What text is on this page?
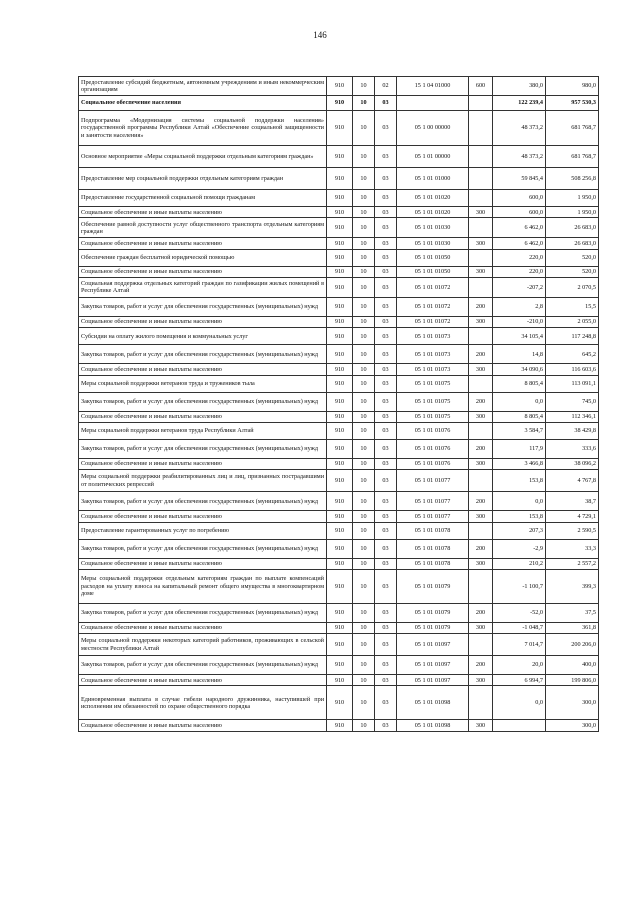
146
Предоставление субсидий бюджетным, автономным учреждениям и иным некоммерческим организациям	910	10	02	15 1 04 01000	600	380,0	980,0
Социальное обеспечение населения	910	10	03			122 239,4	957 530,3
Подпрограмма «Модернизация системы социальной поддержки населения» государственной программы Республики Алтай «Обеспечение социальной защищенности и занятости населения»	910	10	03	05 1 00 00000		48 373,2	681 768,7
Основное мероприятие «Меры социальной поддержки отдельным категориям граждан»	910	10	03	05 1 01 00000		48 373,2	681 768,7
Предоставление мер социальной поддержки отдельным категориям граждан	910	10	03	05 1 01 01000		59 845,4	508 256,8
Предоставление государственной социальной помощи гражданам	910	10	03	05 1 01 01020		600,0	1 950,0
Социальное обеспечение и иные выплаты населению	910	10	03	05 1 01 01020	300	600,0	1 950,0
Обеспечение равной доступности услуг общественного транспорта отдельным категориям граждан	910	10	03	05 1 01 01030		6 462,0	26 683,0
Социальное обеспечение и иные выплаты населению	910	10	03	05 1 01 01030	300	6 462,0	26 683,0
Обеспечение граждан бесплатной юридической помощью	910	10	03	05 1 01 01050		220,0	520,0
Социальное обеспечение и иные выплаты населению	910	10	03	05 1 01 01050	300	220,0	520,0
Социальная поддержка отдельных категорий граждан по газификации жилых помещений в Республике Алтай	910	10	03	05 1 01 01072		-207,2	2 070,5
Закупка товаров, работ и услуг для обеспечения государственных (муниципальных) нужд	910	10	03	05 1 01 01072	200	2,8	15,5
Социальное обеспечение и иные выплаты населению	910	10	03	05 1 01 01072	300	-210,0	2 055,0
Субсидии на оплату жилого помещения и коммунальных услуг	910	10	03	05 1 01 01073		34 105,4	117 248,8
Закупка товаров, работ и услуг для обеспечения государственных (муниципальных) нужд	910	10	03	05 1 01 01073	200	14,8	645,2
Социальное обеспечение и иные выплаты населению	910	10	03	05 1 01 01073	300	34 090,6	116 603,6
Меры социальной поддержки ветеранов труда и тружеников тыла	910	10	03	05 1 01 01075		8 805,4	113 091,1
Закупка товаров, работ и услуг для обеспечения государственных (муниципальных) нужд	910	10	03	05 1 01 01075	200	0,0	745,0
Социальное обеспечение и иные выплаты населению	910	10	03	05 1 01 01075	300	8 805,4	112 346,1
Меры социальной поддержки ветеранов труда Республики Алтай	910	10	03	05 1 01 01076		3 584,7	38 429,8
Закупка товаров, работ и услуг для обеспечения государственных (муниципальных) нужд	910	10	03	05 1 01 01076	200	117,9	333,6
Социальное обеспечение и иные выплаты населению	910	10	03	05 1 01 01076	300	3 466,8	38 096,2
Меры социальной поддержки реабилитированных лиц и лиц, признанных пострадавшими от политических репрессий	910	10	03	05 1 01 01077		153,8	4 767,8
Закупка товаров, работ и услуг для обеспечения государственных (муниципальных) нужд	910	10	03	05 1 01 01077	200	0,0	38,7
Социальное обеспечение и иные выплаты населению	910	10	03	05 1 01 01077	300	153,8	4 729,1
Предоставление гарантированных услуг по погребению	910	10	03	05 1 01 01078		207,3	2 590,5
Закупка товаров, работ и услуг для обеспечения государственных (муниципальных) нужд	910	10	03	05 1 01 01078	200	-2,9	33,3
Социальное обеспечение и иные выплаты населению	910	10	03	05 1 01 01078	300	210,2	2 557,2
Меры социальной поддержки отдельным категориям граждан по выплате компенсаций расходов на уплату взноса на капитальный ремонт общего имущества в многоквартирном доме	910	10	03	05 1 01 01079		-1 100,7	399,3
Закупка товаров, работ и услуг для обеспечения государственных (муниципальных) нужд	910	10	03	05 1 01 01079	200	-52,0	37,5
Социальное обеспечение и иные выплаты населению	910	10	03	05 1 01 01079	300	-1 048,7	361,8
Меры социальной поддержки некоторых категорий работников, проживающих в сельской местности Республики Алтай	910	10	03	05 1 01 01097		7 014,7	200 206,0
Закупка товаров, работ и услуг для обеспечения государственных (муниципальных) нужд	910	10	03	05 1 01 01097	200	20,0	400,0
Социальное обеспечение и иные выплаты населению	910	10	03	05 1 01 01097	300	6 994,7	199 806,0
Единовременная выплата в случае гибели народного дружинника, наступившей при исполнении им обязанностей по охране общественного порядка	910	10	03	05 1 01 01098		0,0	300,0
Социальное обеспечение и иные выплаты населению	910	10	03	05 1 01 01098	300		300,0
